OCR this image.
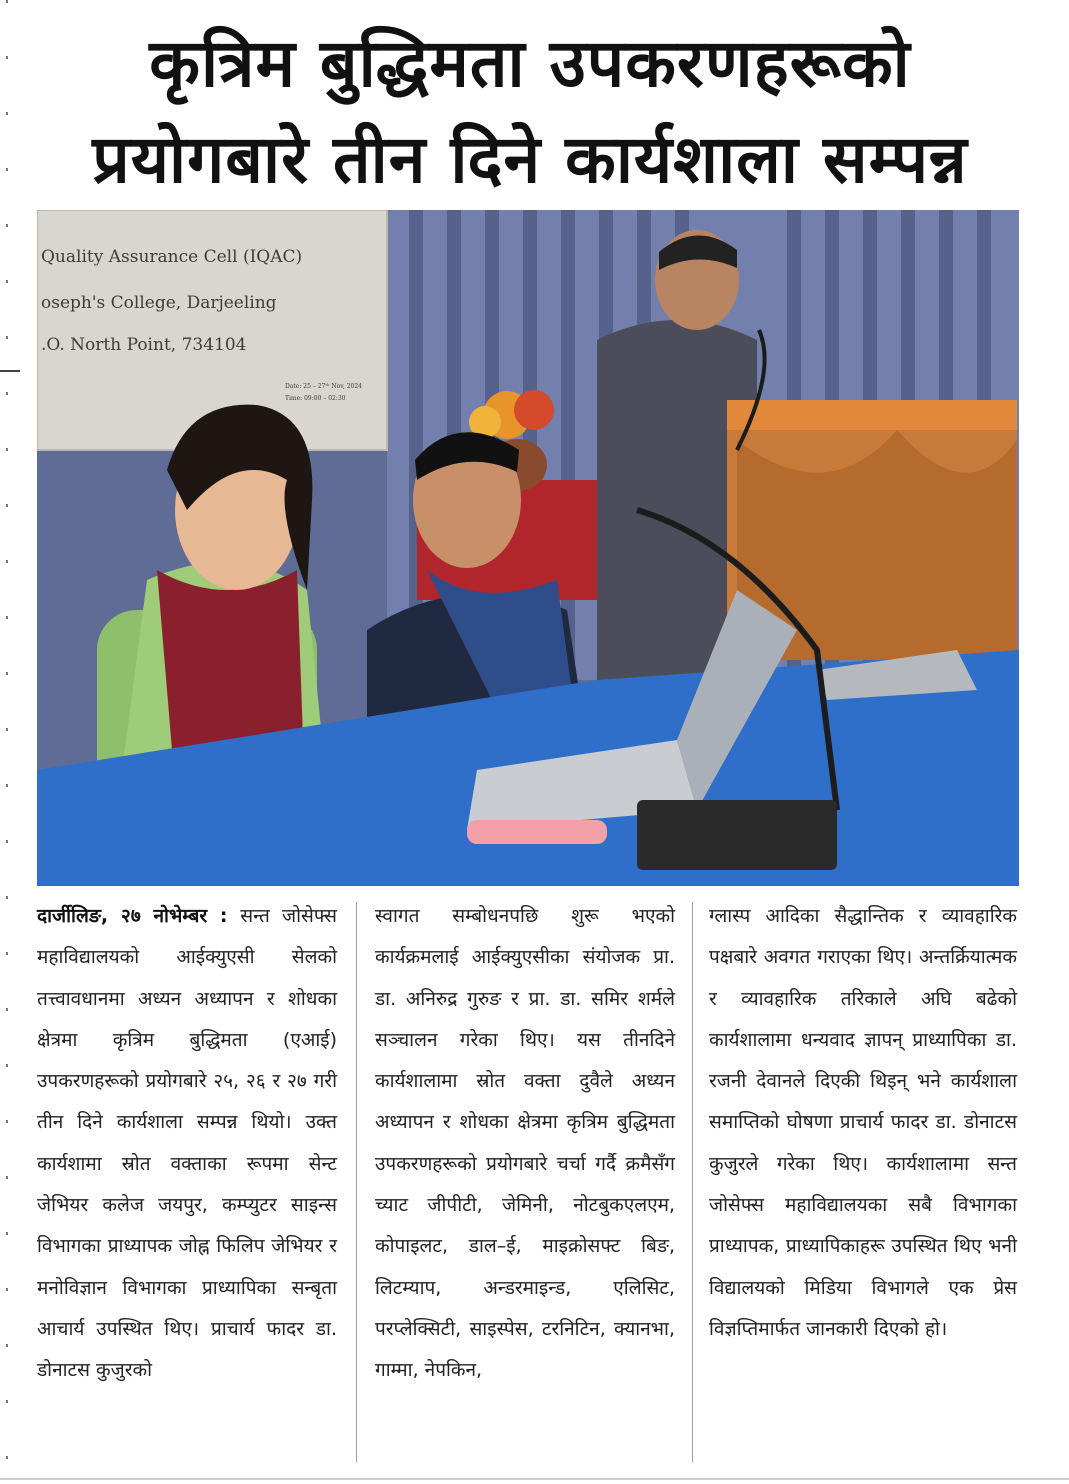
कृत्रिम बुद्धिमता उपकरणहरूको
प्रयोगबारे तीन दिने कार्यशाला सम्पन्न
Quality Assurance Cell (IQAC)
oseph's College, Darjeeling
.O. North Point, 734104
Date: 25 – 27ᵗʰ Nov, 2024
Time: 09:00 – 02:30
दार्जीलिङ, २७ नोभेम्बर : सन्त जोसेफ्स महाविद्यालयको आईक्युएसी सेलको तत्त्वावधानमा अध्यन अध्यापन र शोधका क्षेत्रमा कृत्रिम बुद्धिमता (एआई) उपकरणहरूको प्रयोगबारे २५, २६ र २७ गरी तीन दिने कार्यशाला सम्पन्न थियो। उक्त कार्यशामा स्रोत वक्ताका रूपमा सेन्ट जेभियर कलेज जयपुर, कम्प्युटर साइन्स विभागका प्राध्यापक जोह्न फिलिप जेभियर र मनोविज्ञान विभागका प्राध्यापिका सन्बृता आचार्य उपस्थित थिए। प्राचार्य फादर डा. डोनाटस कुजुरको
स्वागत सम्बोधनपछि शुरू भएको कार्यक्रमलाई आईक्युएसीका संयोजक प्रा. डा. अनिरुद्र गुरुङ र प्रा. डा. समिर शर्मले सञ्चालन गरेका थिए। यस तीनदिने कार्यशालामा स्रोत वक्ता दुवैले अध्यन अध्यापन र शोधका क्षेत्रमा कृत्रिम बुद्धिमता उपकरणहरूको प्रयोगबारे चर्चा गर्दै क्रमैसँग च्याट जीपीटी, जेमिनी, नोटबुकएलएम, कोपाइलट, डाल–ई, माइक्रोसफ्ट बिङ, लिटम्याप, अन्डरमाइन्ड, एलिसिट, परप्लेक्सिटी, साइस्पेस, टरनिटिन, क्यानभा, गाम्मा, नेपकिन,
ग्लास्प आदिका सैद्धान्तिक र व्यावहारिक पक्षबारे अवगत गराएका थिए। अन्तर्क्रियात्मक र व्यावहारिक तरिकाले अघि बढेको कार्यशालामा धन्यवाद ज्ञापन् प्राध्यापिका डा. रजनी देवानले दिएकी थिइन् भने कार्यशाला समाप्तिको घोषणा प्राचार्य फादर डा. डोनाटस कुजुरले गरेका थिए। कार्यशालामा सन्त जोसेफ्स महाविद्यालयका सबै विभागका प्राध्यापक, प्राध्यापिकाहरू उपस्थित थिए भनी विद्यालयको मिडिया विभागले एक प्रेस विज्ञप्तिमार्फत जानकारी दिएको हो।
